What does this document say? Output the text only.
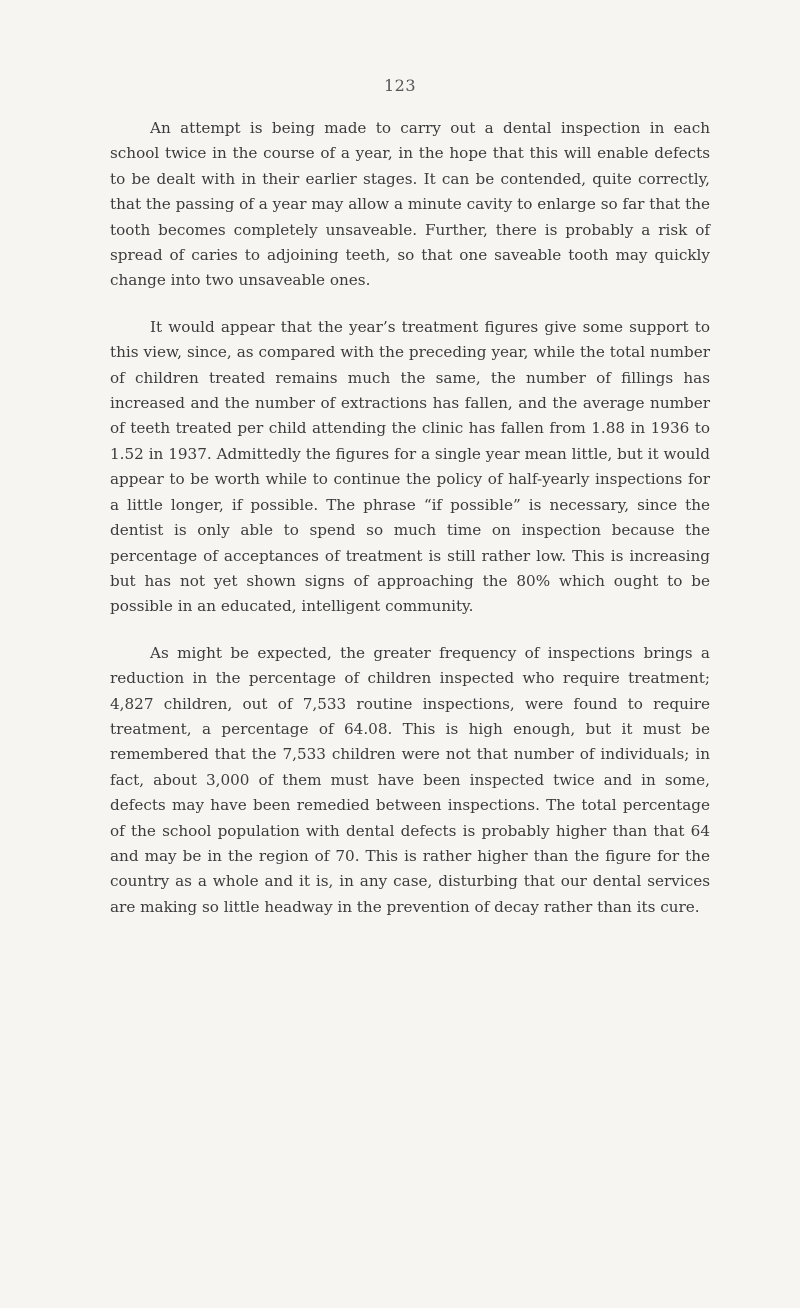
123

An attempt is being made to carry out a dental inspection in each school twice in the course of a year, in the hope that this will enable defects to be dealt with in their earlier stages. It can be contended, quite correctly, that the passing of a year may allow a minute cavity to enlarge so far that the tooth becomes completely unsaveable. Further, there is probably a risk of spread of caries to adjoining teeth, so that one saveable tooth may quickly change into two unsaveable ones.

It would appear that the year’s treatment figures give some support to this view, since, as compared with the preceding year, while the total number of children treated remains much the same, the number of fillings has increased and the number of extractions has fallen, and the average number of teeth treated per child attending the clinic has fallen from 1.88 in 1936 to 1.52 in 1937. Admittedly the figures for a single year mean little, but it would appear to be worth while to continue the policy of half-yearly inspections for a little longer, if possible. The phrase “if possible” is necessary, since the dentist is only able to spend so much time on inspection because the percentage of acceptances of treatment is still rather low. This is increasing but has not yet shown signs of approaching the 80% which ought to be possible in an educated, intelligent community.

As might be expected, the greater frequency of inspections brings a reduction in the percentage of children inspected who require treatment; 4,827 children, out of 7,533 routine inspections, were found to require treatment, a percentage of 64.08. This is high enough, but it must be remembered that the 7,533 children were not that number of individuals; in fact, about 3,000 of them must have been inspected twice and in some, defects may have been remedied between inspections. The total percentage of the school population with dental defects is probably higher than that 64 and may be in the region of 70. This is rather higher than the figure for the country as a whole and it is, in any case, disturbing that our dental services are making so little headway in the prevention of decay rather than its cure.
